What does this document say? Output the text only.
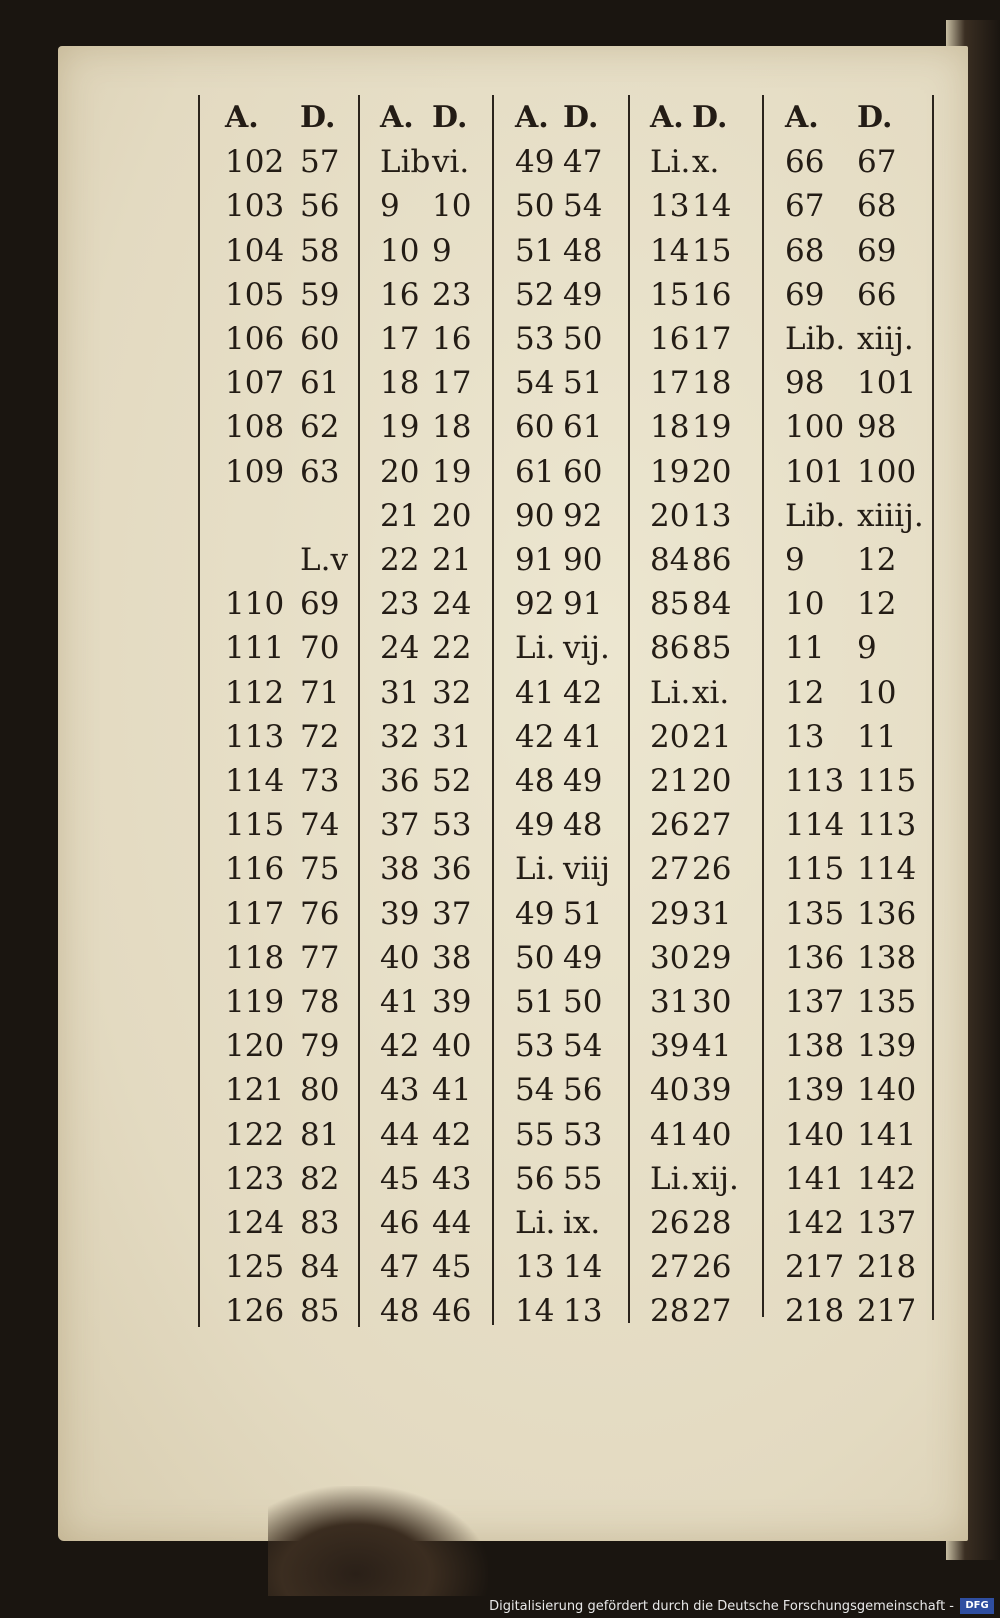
A. D.
102 57
103 56
104 58
105 59
106 60
107 61
108 62
109 63
L.v
110 69
111 70
112 71
113 72
114 73
115 74
116 75
117 76
118 77
119 78
120 79
121 80
122 81
123 82
124 83
125 84
126 85
A. D.
Lib vi.
9 10
10 9
16 23
17 16
18 17
19 18
20 19
21 20
22 21
23 24
24 22
31 32
32 31
36 52
37 53
38 36
39 37
40 38
41 39
42 40
43 41
44 42
45 43
46 44
47 45
48 46
A. D.
49 47
50 54
51 48
52 49
53 50
54 51
60 61
61 60
90 92
91 90
92 91
Li. vij.
41 42
42 41
48 49
49 48
Li. viij
49 51
50 49
51 50
53 54
54 56
55 53
56 55
Li. ix.
13 14
14 13
A. D.
Li. x.
13 14
14 15
15 16
16 17
17 18
18 19
19 20
20 13
84 86
85 84
86 85
Li. xi.
20 21
21 20
26 27
27 26
29 31
30 29
31 30
39 41
40 39
41 40
Li. xij.
26 28
27 26
28 27
A. D.
66 67
67 68
68 69
69 66
Lib. xiij.
98 101
100 98
101 100
Lib. xiiij.
9 12
10 12
11 9
12 10
13 11
113 115
114 113
115 114
135 136
136 138
137 135
138 139
139 140
140 141
141 142
142 137
217 218
218 217
Digitalisierung gefördert durch die Deutsche Forschungsgemeinschaft -	DFG
